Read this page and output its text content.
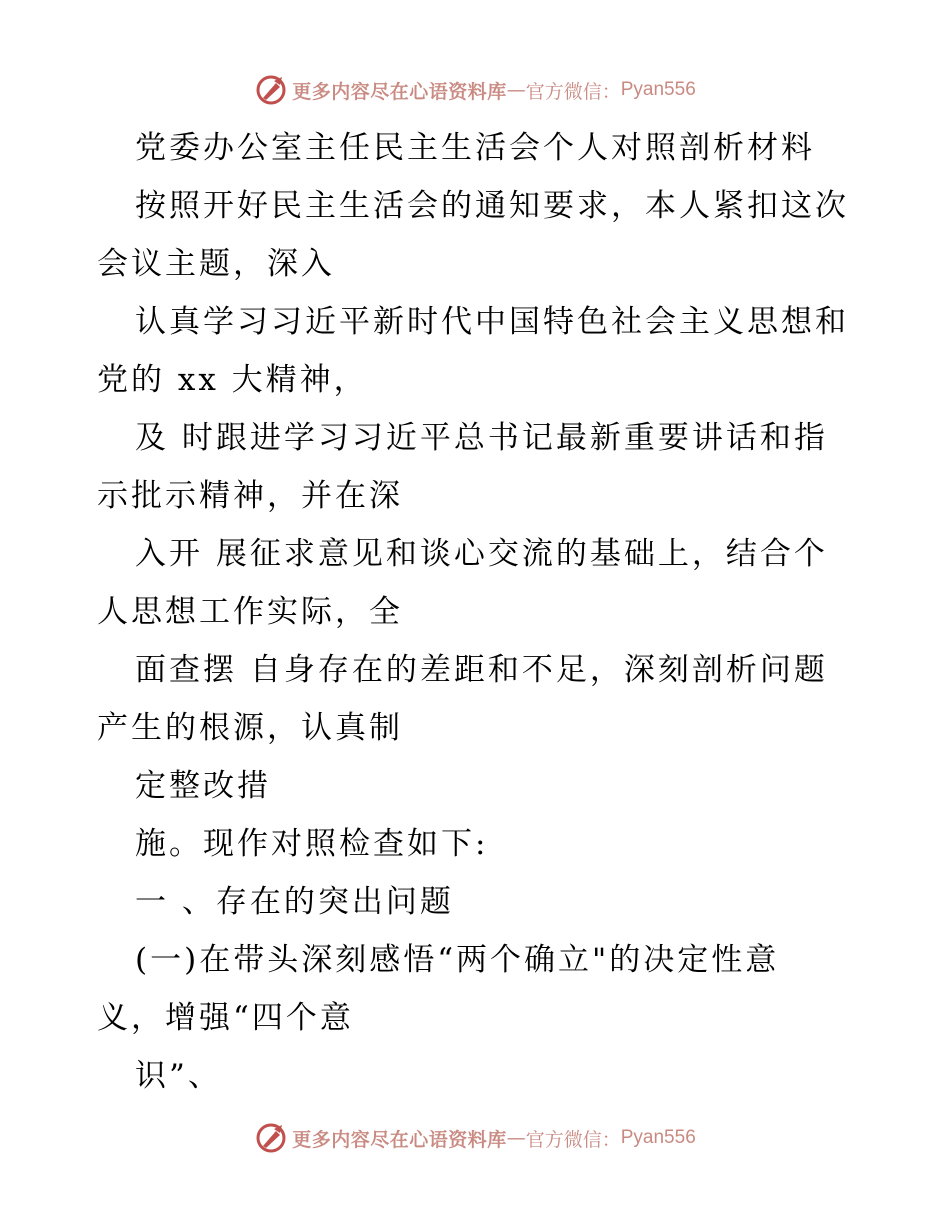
更多内容尽在心语资料库 — 官方微信： Pyan556
党委办公室主任民主生活会个人对照剖析材料
按照开好民主生活会的通知要求，本人紧扣这次
会议主题，深入
认真学习习近平新时代中国特色社会主义思想和
党的 xx 大精神，
及 时跟进学习习近平总书记最新重要讲话和指
示批示精神，并在深
入开 展征求意见和谈心交流的基础上，结合个
人思想工作实际，全
面查摆 自身存在的差距和不足，深刻剖析问题
产生的根源，认真制
定整改措
施。现作对照检查如下:
一 、存在的突出问题
(一)在带头深刻感悟“两个确立"的决定性意
义，增强“四个意
识”、
更多内容尽在心语资料库 — 官方微信： Pyan556
